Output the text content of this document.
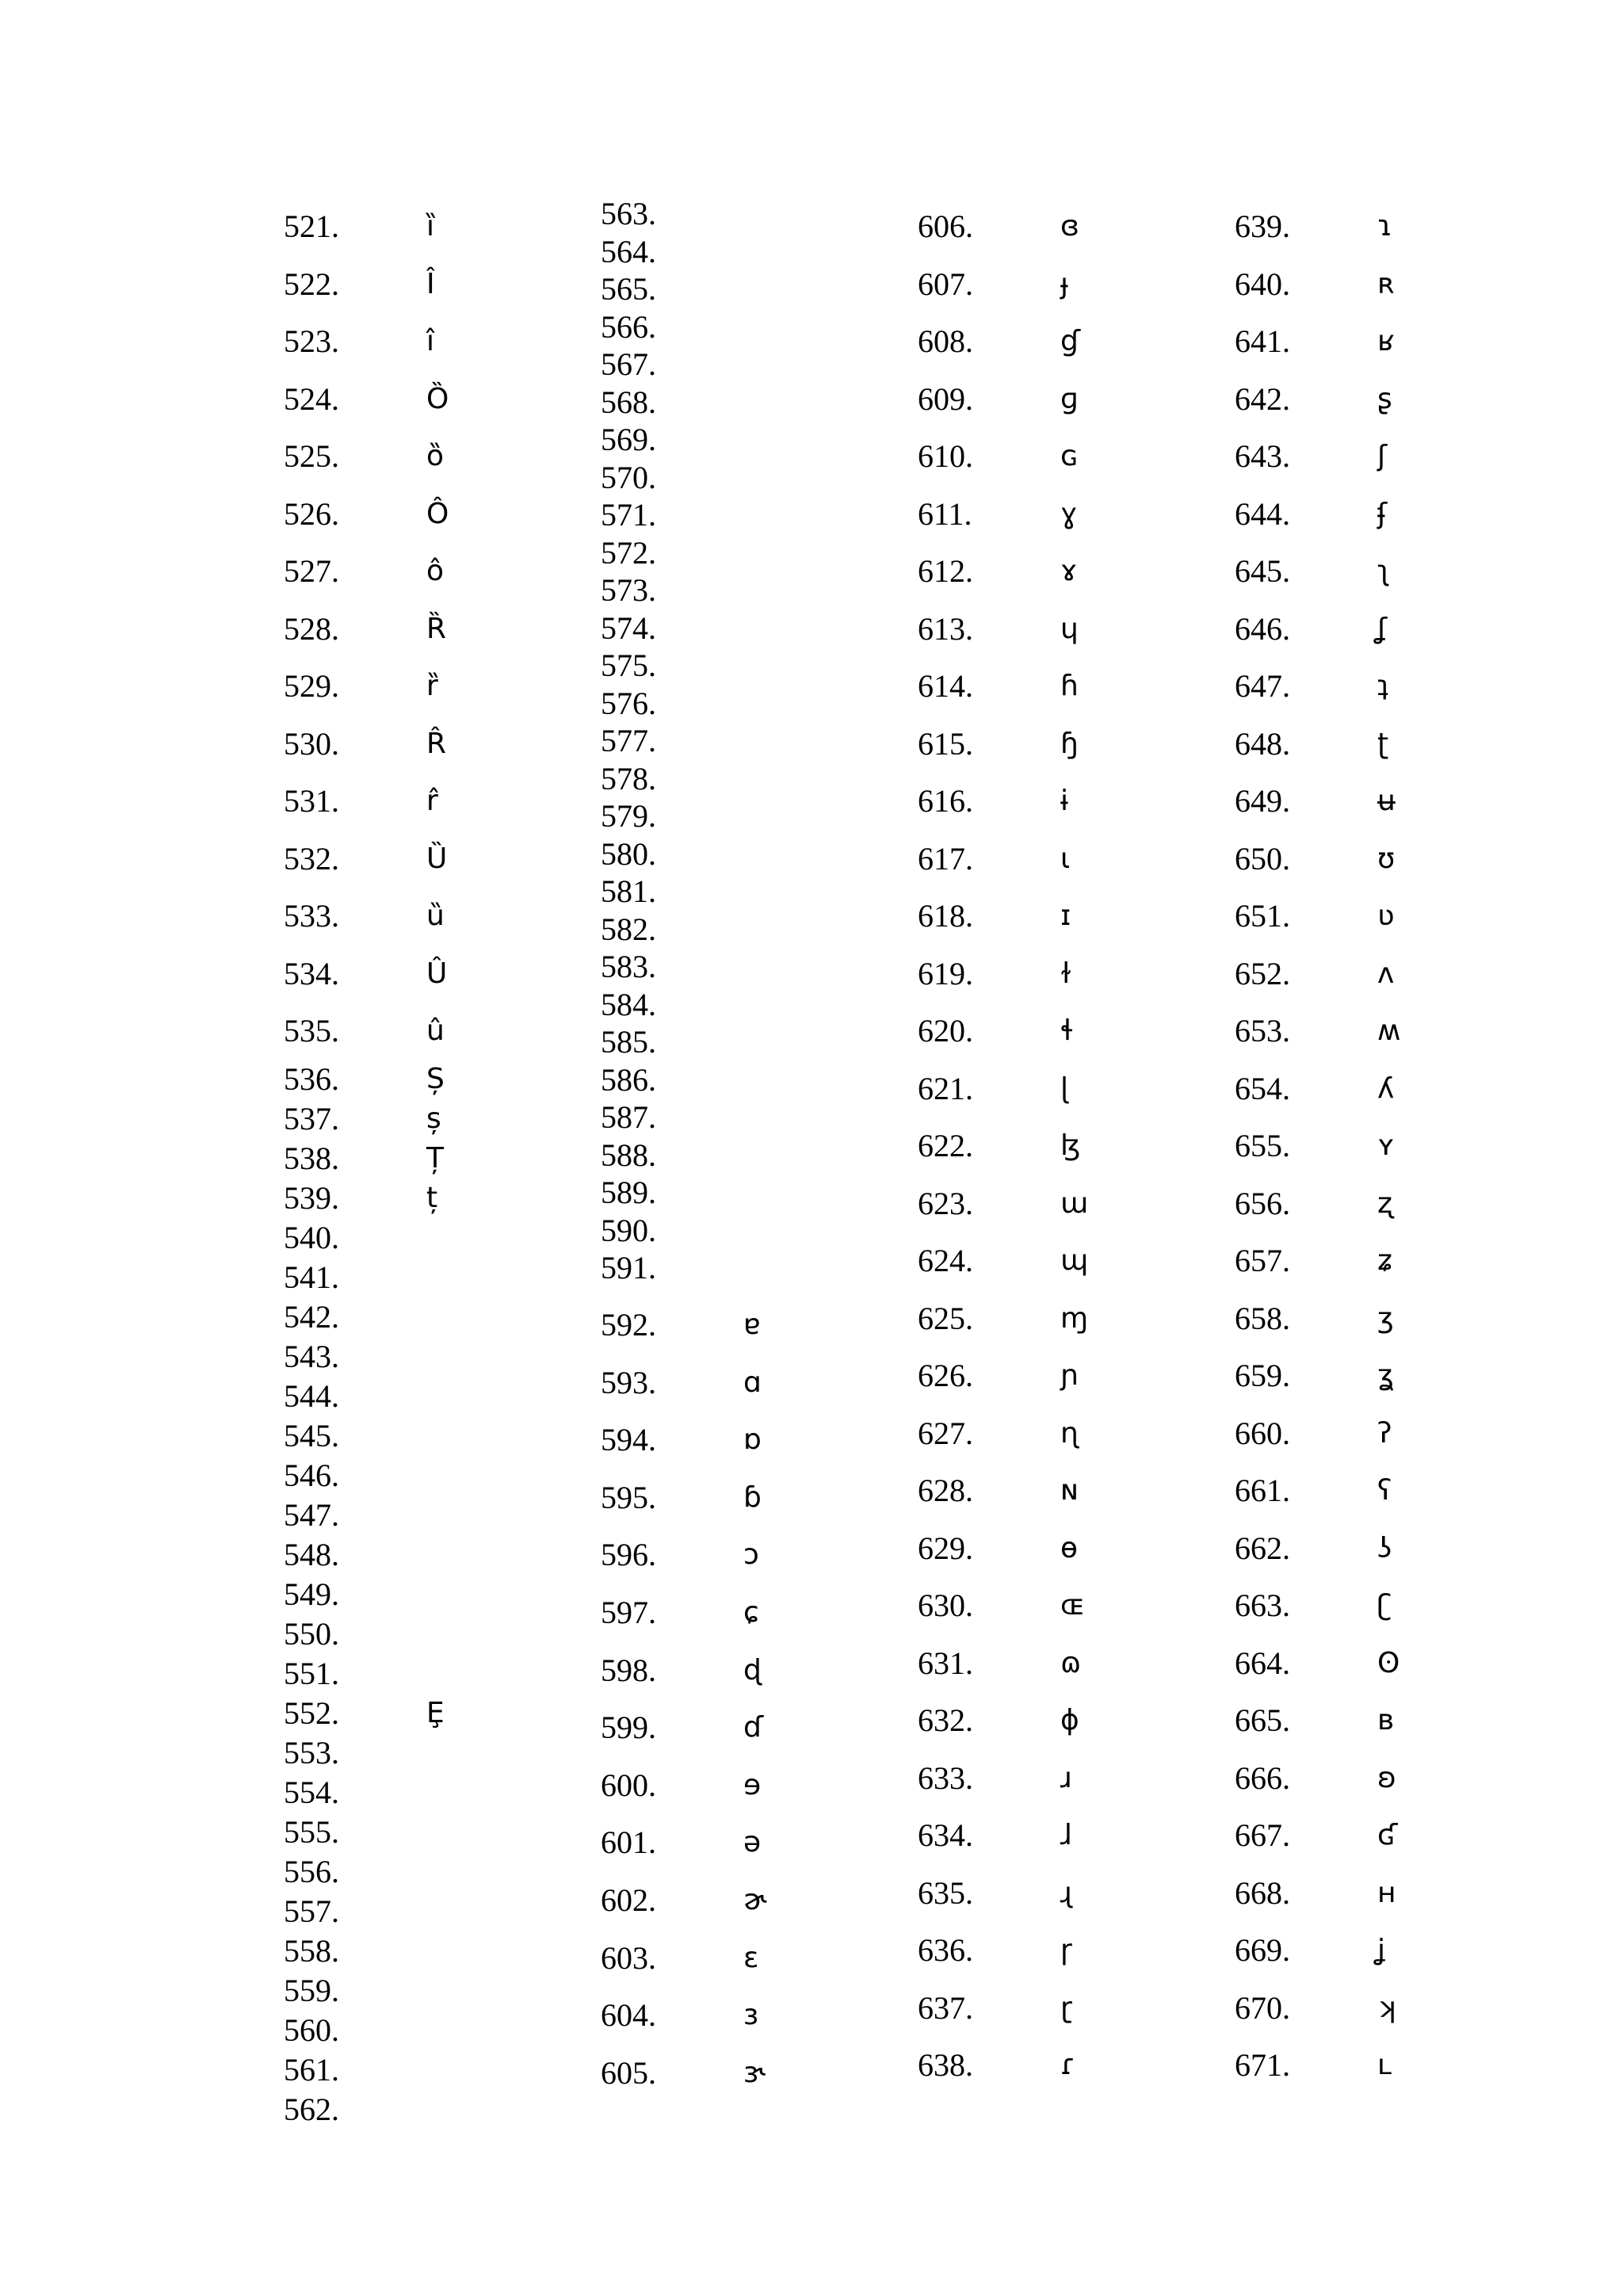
521.	ȉ
522.	Î
523.	î
524.	Ȍ
525.	ȍ
526.	Ô
527.	ô
528.	Ȑ
529.	ȑ
530.	R̂
531.	r̂
532.	Ȕ
533.	ȕ
534.	Û
535.	û
536.	Ș
537.	ș
538.	Ț
539.	ț
540.
541.
542.
543.
544.
545.
546.
547.
548.
549.
550.
551.
552.	Ȩ
553.
554.
555.
556.
557.
558.
559.
560.
561.
562.
563.
564.
565.
566.
567.
568.
569.
570.
571.
572.
573.
574.
575.
576.
577.
578.
579.
580.
581.
582.
583.
584.
585.
586.
587.
588.
589.
590.
591.
592.	ɐ
593.	ɑ
594.	ɒ
595.	ɓ
596.	ɔ
597.	ɕ
598.	ɖ
599.	ɗ
600.	ɘ
601.	ə
602.	ɚ
603.	ɛ
604.	ɜ
605.	ɝ
606.	ɞ
607.	ɟ
608.	ɠ
609.	ɡ
610.	ɢ
611.	ɣ
612.	ɤ
613.	ɥ
614.	ɦ
615.	ɧ
616.	ɨ
617.	ɩ
618.	ɪ
619.	ɫ
620.	ɬ
621.	ɭ
622.	ɮ
623.	ɯ
624.	ɰ
625.	ɱ
626.	ɲ
627.	ɳ
628.	ɴ
629.	ɵ
630.	ɶ
631.	ɷ
632.	ɸ
633.	ɹ
634.	ɺ
635.	ɻ
636.	ɼ
637.	ɽ
638.	ɾ
639.	ɿ
640.	ʀ
641.	ʁ
642.	ʂ
643.	ʃ
644.	ʄ
645.	ʅ
646.	ʆ
647.	ʇ
648.	ʈ
649.	ʉ
650.	ʊ
651.	ʋ
652.	ʌ
653.	ʍ
654.	ʎ
655.	ʏ
656.	ʐ
657.	ʑ
658.	ʒ
659.	ʓ
660.	ʔ
661.	ʕ
662.	ʖ
663.	ʗ
664.	ʘ
665.	ʙ
666.	ʚ
667.	ʛ
668.	ʜ
669.	ʝ
670.	ʞ
671.	ʟ
